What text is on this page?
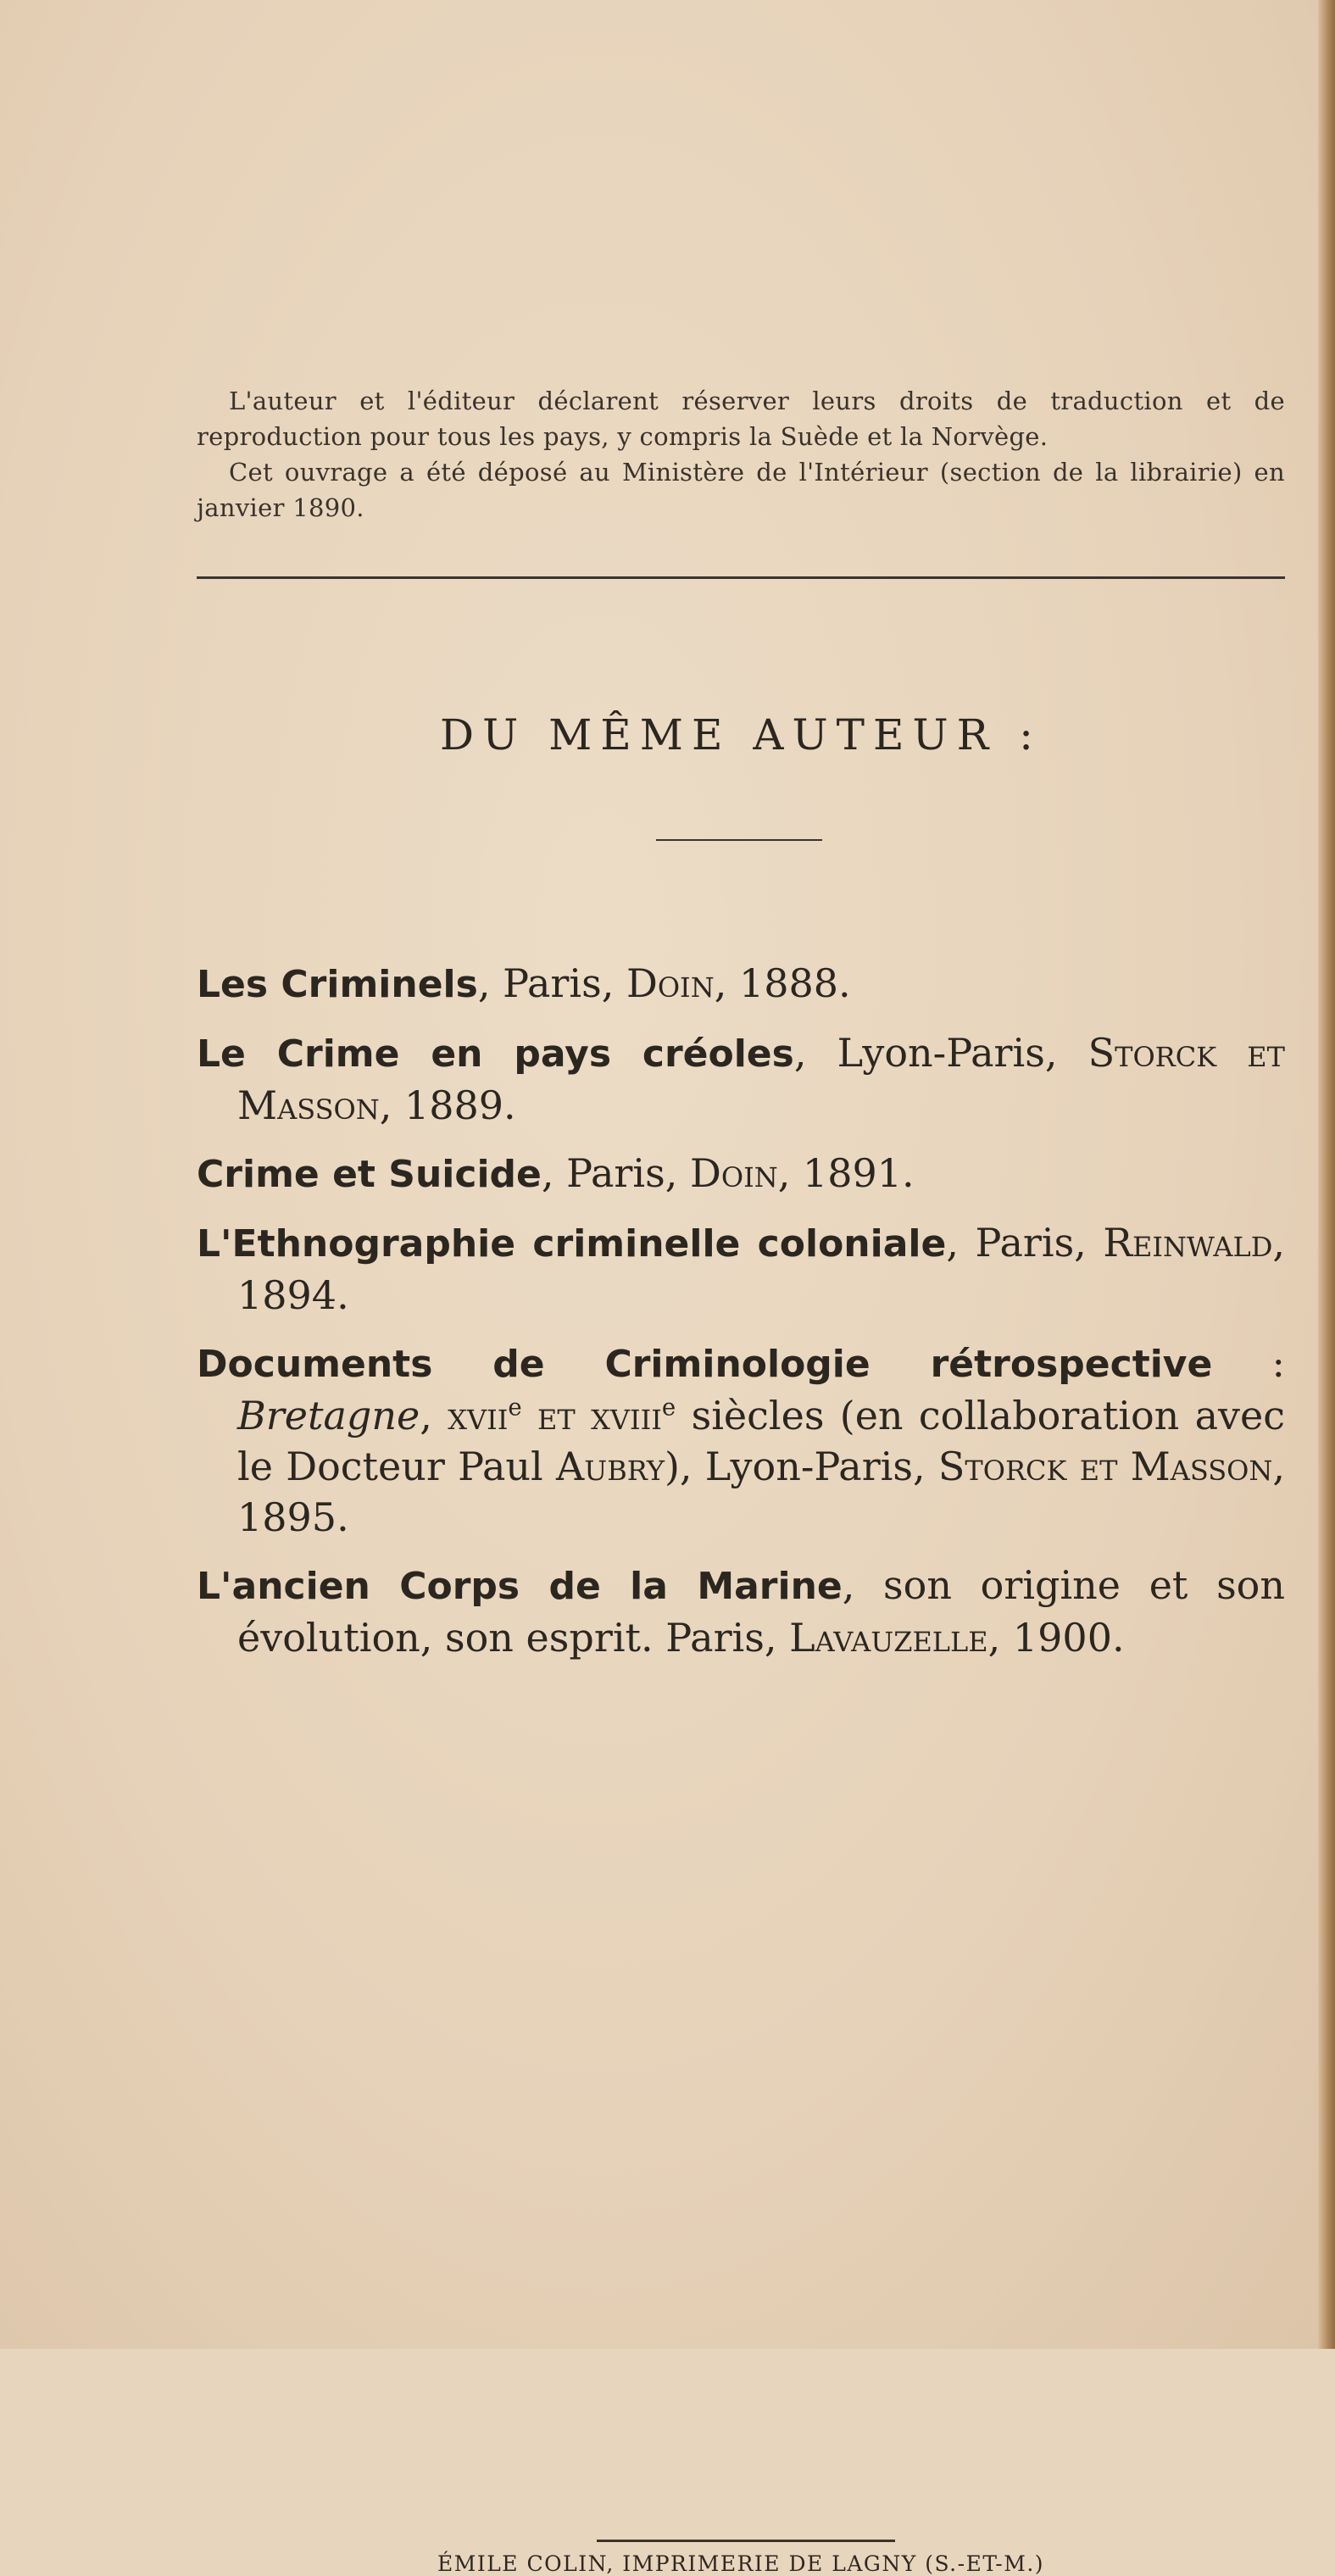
L'auteur et l'éditeur déclarent réserver leurs droits de traduction et de reproduction pour tous les pays, y compris la Suède et la Norvège.

Cet ouvrage a été déposé au Ministère de l'Intérieur (section de la librairie) en janvier 1890.

DU MÊME AUTEUR :

Les Criminels, Paris, Doin, 1888.

Le Crime en pays créoles, Lyon-Paris, Storck et Masson, 1889.

Crime et Suicide, Paris, Doin, 1891.

L'Ethnographie criminelle coloniale, Paris, Reinwald, 1894.

Documents de Criminologie rétrospective : Bretagne, xvii$^e$ et xviii$^e$ siècles (en collaboration avec le Docteur Paul Aubry), Lyon-Paris, Storck et Masson, 1895.

L'ancien Corps de la Marine, son origine et son évolution, son esprit. Paris, Lavauzelle, 1900.

ÉMILE COLIN, IMPRIMERIE DE LAGNY (S.-ET-M.)
